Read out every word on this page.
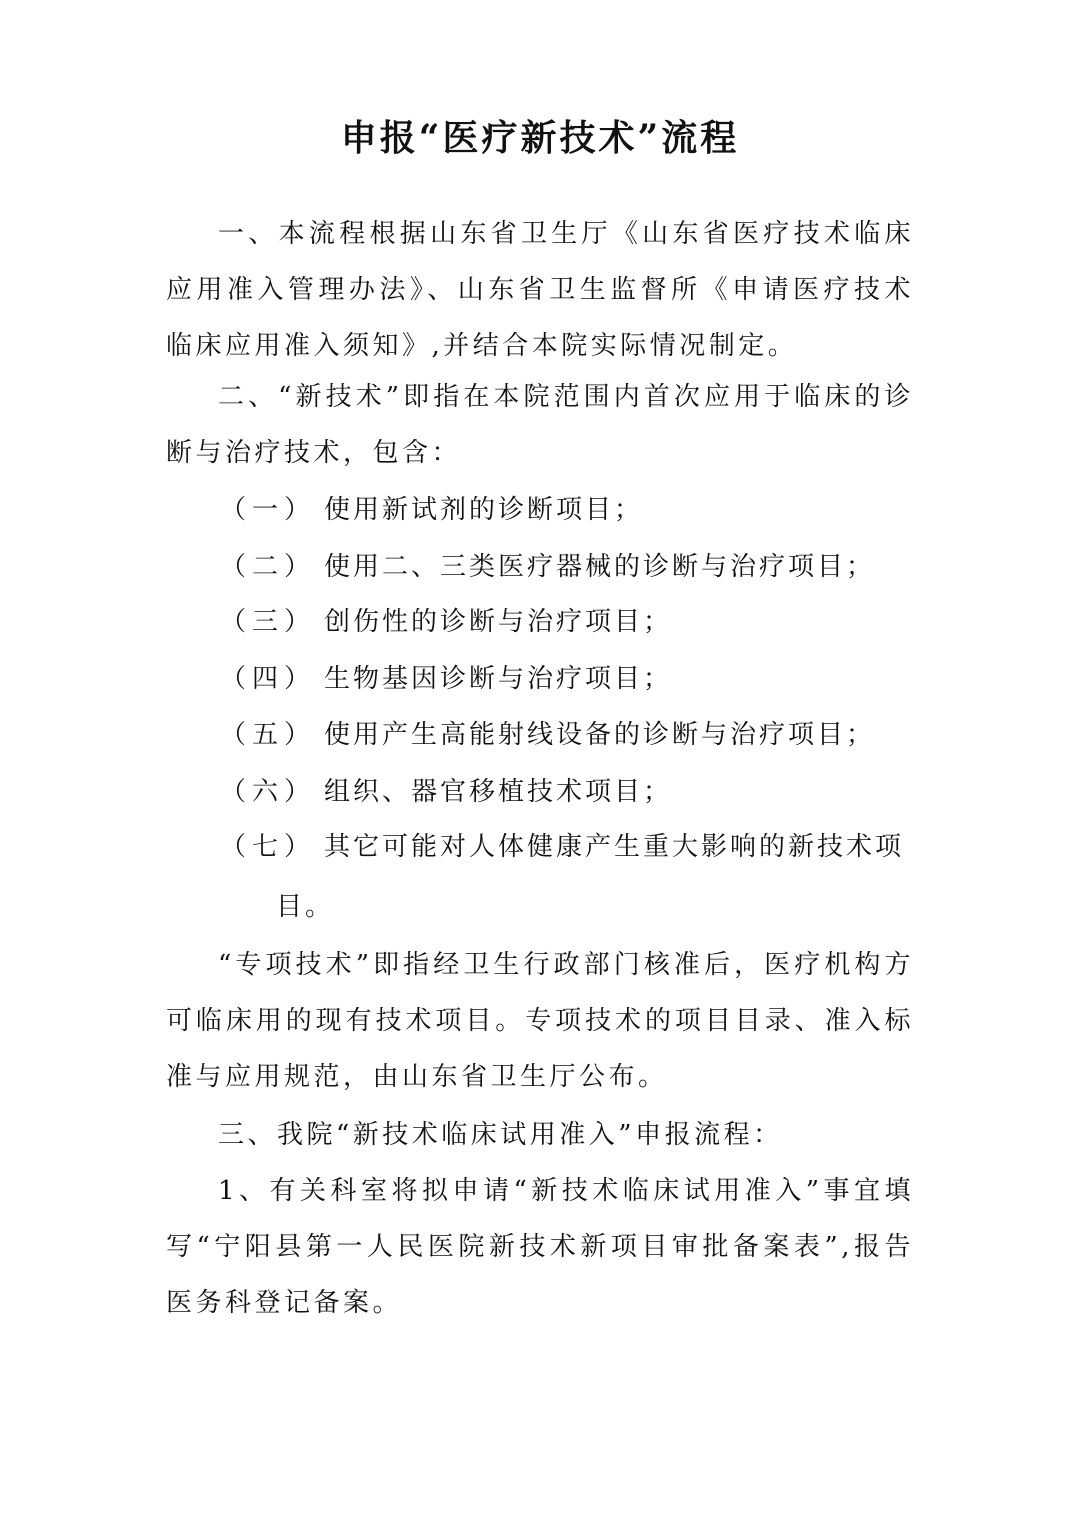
申报“医疗新技术”流程

一、本流程根据山东省卫生厅《山东省医疗技术临床应用准入管理办法》、山东省卫生监督所《申请医疗技术临床应用准入须知》,并结合本院实际情况制定。

二、“新技术”即指在本院范围内首次应用于临床的诊断与治疗技术，包含：

（一） 使用新试剂的诊断项目；
（二） 使用二、三类医疗器械的诊断与治疗项目；
（三） 创伤性的诊断与治疗项目；
（四） 生物基因诊断与治疗项目；
（五） 使用产生高能射线设备的诊断与治疗项目；
（六） 组织、器官移植技术项目；
（七） 其它可能对人体健康产生重大影响的新技术项
目。

“专项技术”即指经卫生行政部门核准后，医疗机构方可临床用的现有技术项目。专项技术的项目目录、准入标准与应用规范，由山东省卫生厅公布。

三、我院“新技术临床试用准入”申报流程：

1、有关科室将拟申请“新技术临床试用准入”事宜填写“宁阳县第一人民医院新技术新项目审批备案表”,报告医务科登记备案。
